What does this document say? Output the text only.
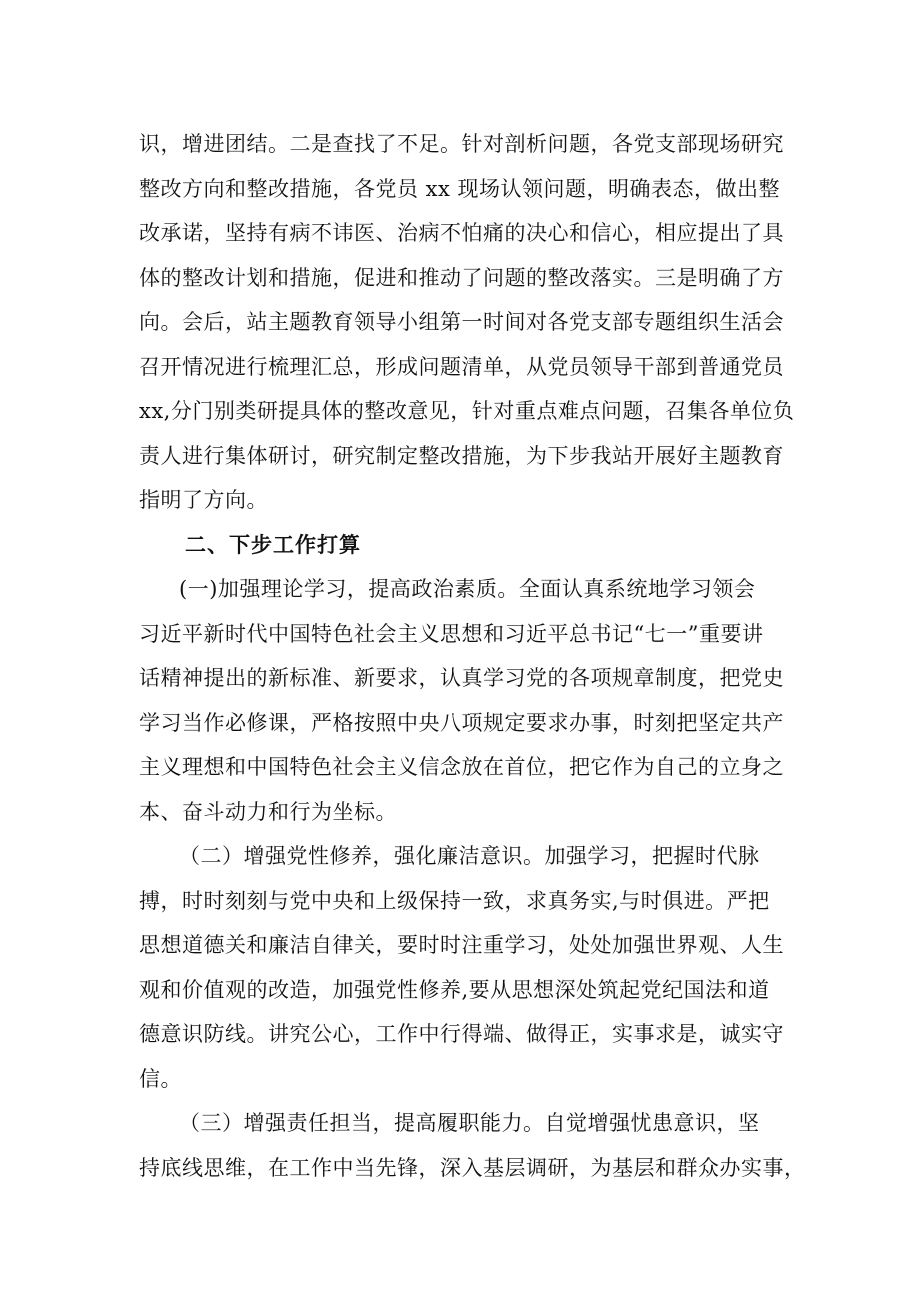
识，增进团结。二是查找了不足。针对剖析问题，各党支部现场研究
整改方向和整改措施，各党员 xx 现场认领问题，明确表态，做出整
改承诺，坚持有病不讳医、治病不怕痛的决心和信心，相应提出了具
体的整改计划和措施，促进和推动了问题的整改落实。三是明确了方
向。会后，站主题教育领导小组第一时间对各党支部专题组织生活会
召开情况进行梳理汇总，形成问题清单，从党员领导干部到普通党员
xx,分门别类研提具体的整改意见，针对重点难点问题，召集各单位负
责人进行集体研讨，研究制定整改措施，为下步我站开展好主题教育
指明了方向。
二、下步工作打算
(一)加强理论学习，提高政治素质。全面认真系统地学习领会
习近平新时代中国特色社会主义思想和习近平总书记“七一”重要讲
话精神提出的新标准、新要求，认真学习党的各项规章制度，把党史
学习当作必修课，严格按照中央八项规定要求办事，时刻把坚定共产
主义理想和中国特色社会主义信念放在首位，把它作为自己的立身之
本、奋斗动力和行为坐标。
（二）增强党性修养，强化廉洁意识。加强学习，把握时代脉
搏，时时刻刻与党中央和上级保持一致，求真务实,与时俱进。严把
思想道德关和廉洁自律关，要时时注重学习，处处加强世界观、人生
观和价值观的改造，加强党性修养,要从思想深处筑起党纪国法和道
德意识防线。讲究公心，工作中行得端、做得正，实事求是，诚实守
信。
（三）增强责任担当，提高履职能力。自觉增强忧患意识，坚
持底线思维，在工作中当先锋，深入基层调研，为基层和群众办实事，
